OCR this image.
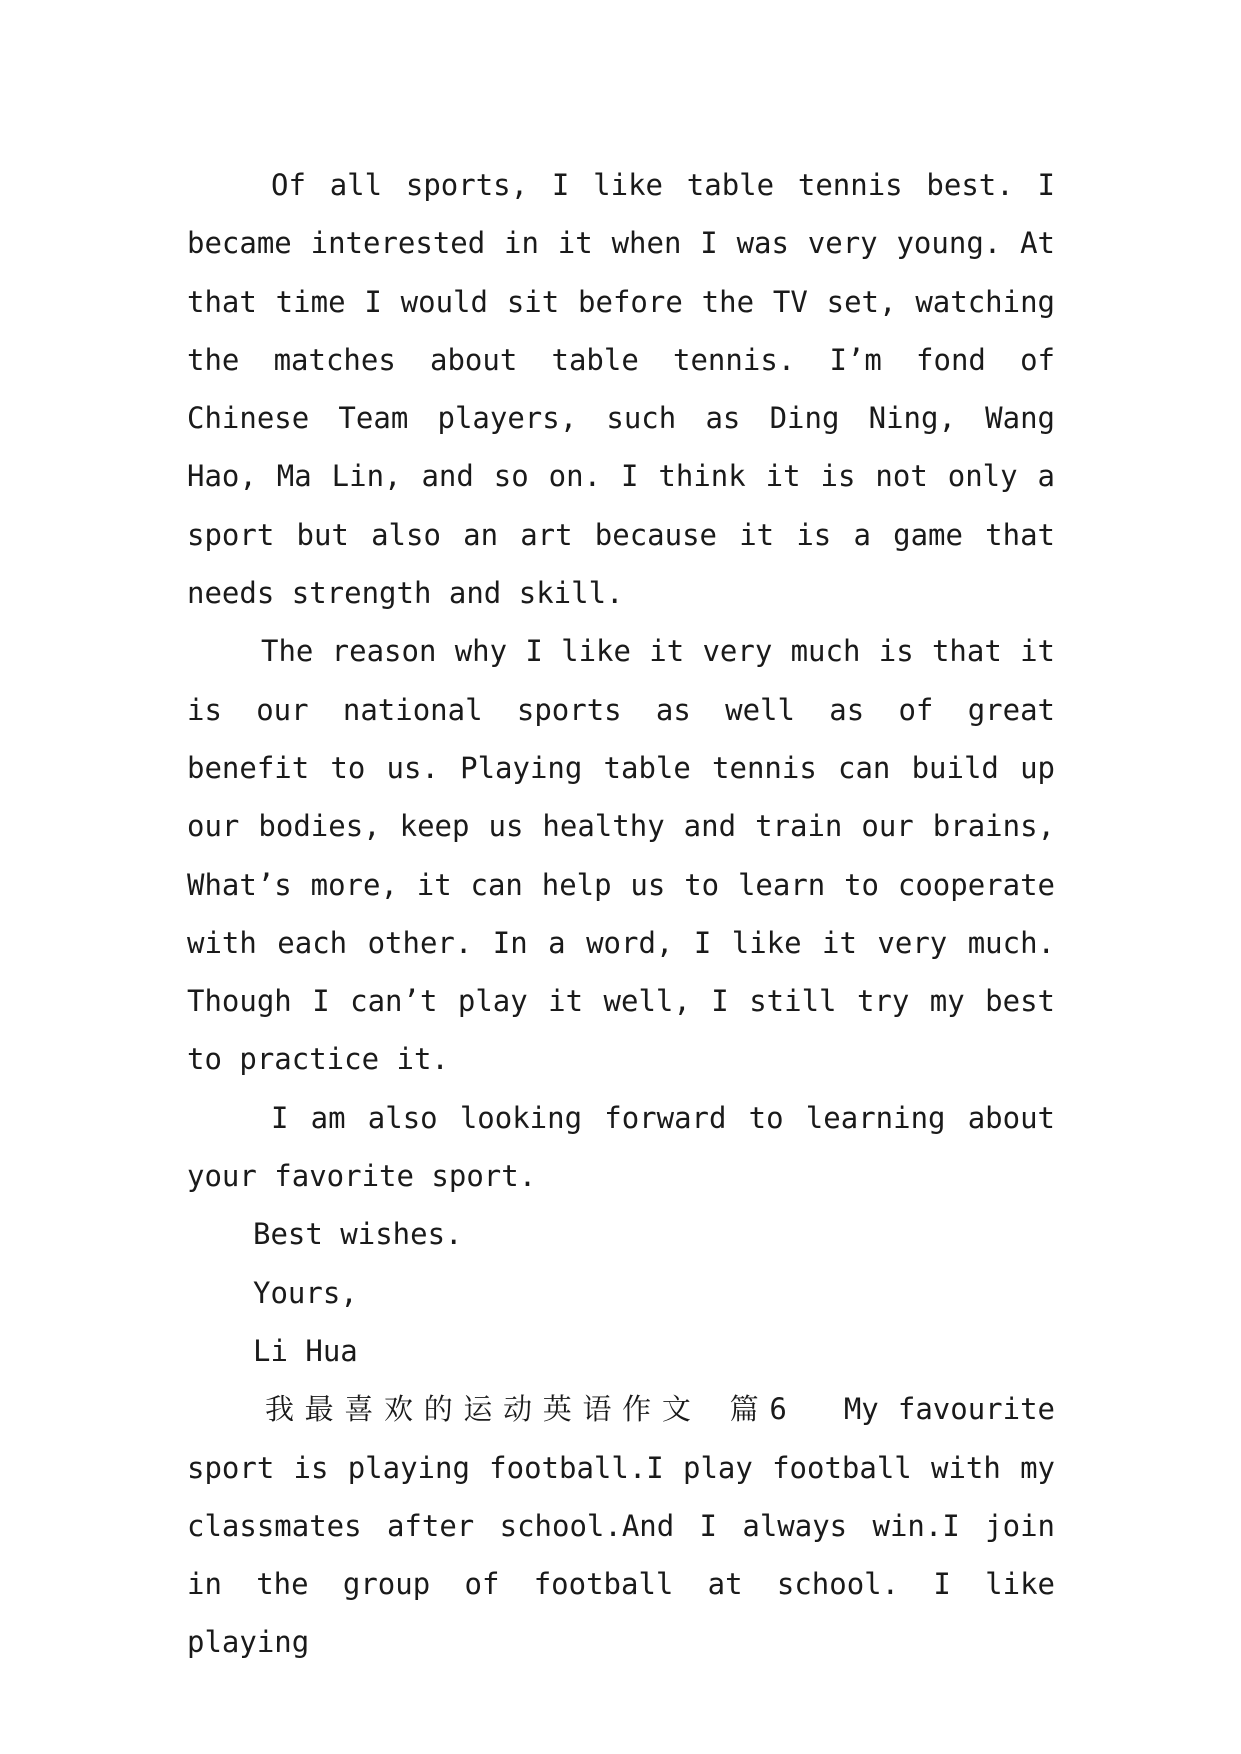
Of all sports, I like table tennis best. I became interested in it when I was very young. At that time I would sit before the TV set, watching the matches about table tennis. I’m fond of Chinese Team players, such as Ding Ning, Wang Hao, Ma Lin, and so on. I think it is not only a sport but also an art because it is a game that needs strength and skill.

The reason why I like it very much is that it is our national sports as well as of great benefit to us. Playing table tennis can build up our bodies, keep us healthy and train our brains, What’s more, it can help us to learn to cooperate with each other. In a word, I like it very much. Though I can’t play it well, I still try my best to practice it.

I am also looking forward to learning about your favorite sport.

Best wishes.

Yours,

Li Hua

我最喜欢的运动英语作文 篇6 My favourite sport is playing football.I play football with my classmates after school.And I always win.I join in the group of football at school. I like playing
